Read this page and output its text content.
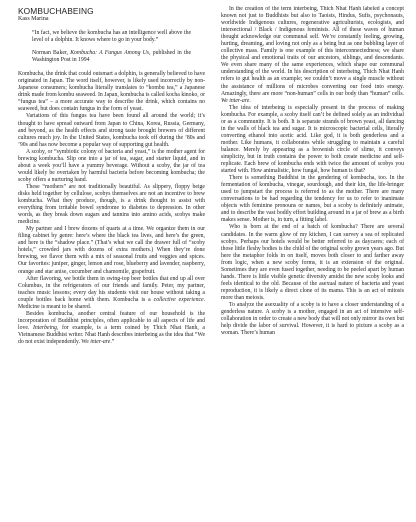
KOMBUCHABEING
Kass Marina

“In fact, we believe the kombucha has an intelligence well above the level of a dolphin. It knows where to go in your body.”

Norman Baker, Kombucha: A Fungus Among Us, published in the Washington Post in 1994

Kombucha, the drink that could outsmart a dolphin, is generally believed to have originated in Japan. The word itself, however, is likely used incorrectly by non-Japanese consumers; kombucha literally translates to “kombu tea,” a Japanese drink made from kombu seaweed. In Japan, kombucha is called kocha kinoko, or “fungus tea” – a more accurate way to describe the drink, which contains no seaweed, but does contain fungus in the form of yeast.

Variations of this fungus tea have been found all around the world; it’s thought to have spread outward from Japan to China, Korea, Russia, Germany, and beyond, as the health effects and strong taste brought brewers of different cultures much joy. In the United States, kombucha took off during the ’80s and ’90s and has now become a popular way of supporting gut health.

A scoby, or “symbiotic colony of bacteria and yeast,” is the mother agent for brewing kombucha. Slip one into a jar of tea, sugar, and starter liquid, and in about a week you’ll have a yummy beverage. Without a scoby, the jar of tea would likely be overtaken by harmful bacteria before becoming kombucha; the scoby offers a nurturing hand.

These “mothers” are not traditionally beautiful. As slippery, floppy beige disks held together by cellulose, scobys themselves are not an incentive to brew kombucha. What they produce, though, is a drink thought to assist with everything from irritable bowel syndrome to diabetes to depression. In other words, as they break down sugars and tannins into amino acids, scobys make medicine.

My partner and I brew dozens of quarts at a time. We organize them in our filing cabinet by genre: here’s where the black tea lives, and here’s the green, and here is the “shadow place.” (That’s what we call the drawer full of “scoby hotels,” crowded jars with dozens of extra mothers.) When they’re done brewing, we flavor them with a mix of seasonal fruits and veggies and spices. Our favorites: juniper, ginger, lemon and rose, blueberry and lavender, raspberry, orange and star anise, cucumber and chamomile, grapefruit.

After flavoring, we bottle them in swing-top beer bottles that end up all over Columbus, in the refrigerators of our friends and family. Peter, my partner, teaches music lessons; every day his students visit our house without taking a couple bottles back home with them. Kombucha is a collective experience. Medicine is meant to be shared.

Besides kombucha, another central feature of our household is the incorporation of Buddhist principles, often applicable to all aspects of life and love. Interbeing, for example, is a term coined by Thich Nhat Hanh, a Vietnamese Buddhist writer. Nhat Hanh describes interbeing as the idea that “We do not exist independently. We inter-are.”

In the creation of the term interbeing, Thich Nhat Hanh labeled a concept known not just to Buddhists but also to Taoists, Hindus, Sufis, psychonauts, worldwide Indigenous cultures, regenerative agriculturists, ecologists, and intersectional / Black / Indigenous feminists. All of these waves of human thought acknowledge our communal self. We’re constantly feeling, growing, hurting, dreaming, and loving not only as a being but as one bubbling layer of collective mass. Family is one example of this interconnectedness; we share the physical and emotional traits of our ancestors, siblings, and descendants. We even share many of the same experiences, which shape our communal understanding of the world. In his description of interbeing, Thich Nhat Hanh refers to gut health as an example; we couldn’t move a single muscle without the assistance of millions of microbes converting our food into energy. Amazingly, there are more “non-human” cells in our body than “human” cells. We inter-are.

The idea of interbeing is especially present in the process of making kombucha. For example, a scoby itself can’t be defined solely as an individual or as a community. It is both. It is separate strands of brown yeast, all dancing in the walls of black tea and sugar. It is microscopic bacterial cells, literally converting ethanol into acetic acid. Like god, it is both genderless and a mother. Like humans, it collaborates while struggling to maintain a careful balance. Merely by appearing as a brownish circle of slime, it conveys simplicity, but in truth contains the power to both create medicine and self-replicate. Each brew of kombucha ends with twice the amount of scobys you started with. How animalistic, how fungal, how human is that?

There is something Buddhist in the gendering of kombucha, too. In the fermentation of kombucha, vinegar, sourdough, and their kin, the life-bringer used to jumpstart the process is referred to as the mother. There are many conversations to be had regarding the tendency for us to refer to inanimate objects with feminine pronouns or names, but a scoby is definitely animate, and to describe the vast bodily effort building around in a jar of brew as a birth makes sense. Mother is, in turn, a fitting label.

Who is born at the end of a batch of kombucha? There are several candidates. In the warm glow of my kitchen, I can survey a sea of replicated scobys. Perhaps our hotels would be better referred to as daycares; each of those little fleshy bodies is the child of the original scoby grown years ago. But here the metaphor folds in on itself, moves both closer to and farther away from logic, when a new scoby forms, it is an extension of the original. Sometimes they are even fused together, needing to be peeled apart by human hands. There is little visible genetic diversity amidst the new scoby looks and feels identical to the old. Because of the asexual nature of bacteria and yeast reproduction, it is likely a direct clone of its mama. This is an act of mitosis more than meiosis.

To analyze the asexuality of a scoby is to have a closer understanding of a genderless nature. A scoby is a mother, engaged in an act of intensive self-collaboration in order to create a new body that will not only mirror its own but help divide the labor of survival. However, it is hard to picture a scoby as a woman. There’s human
